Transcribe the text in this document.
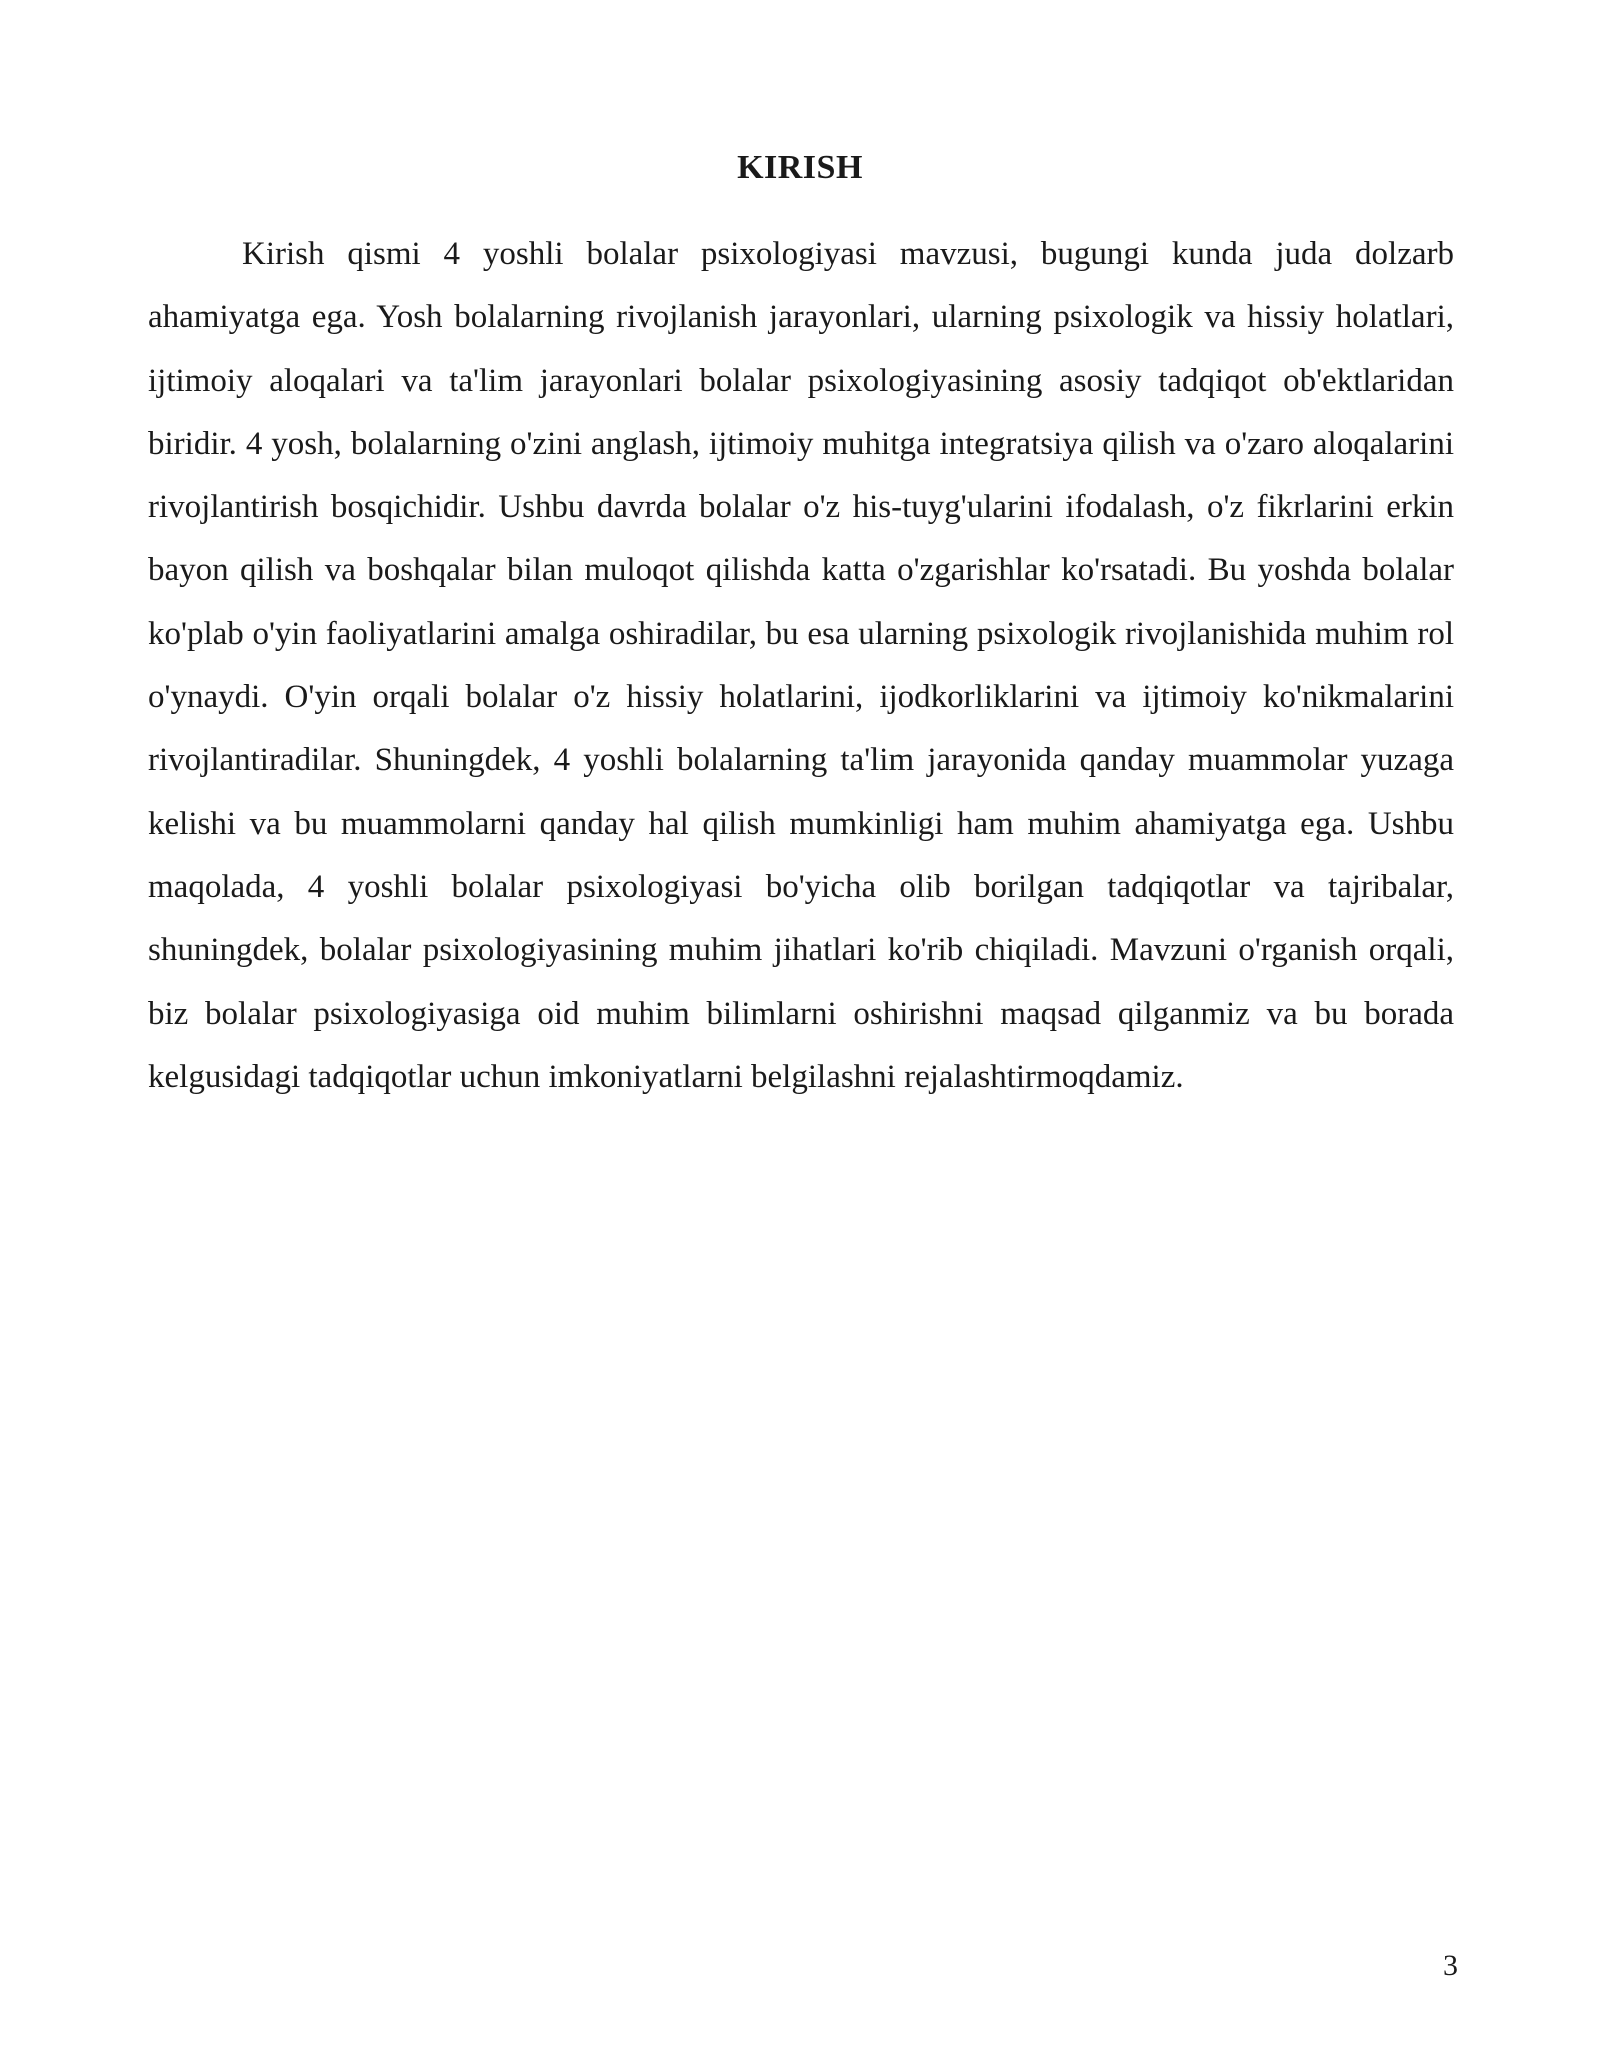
KIRISH

Kirish qismi 4 yoshli bolalar psixologiyasi mavzusi, bugungi kunda juda dolzarb ahamiyatga ega. Yosh bolalarning rivojlanish jarayonlari, ularning psixologik va hissiy holatlari, ijtimoiy aloqalari va ta'lim jarayonlari bolalar psixologiyasining asosiy tadqiqot ob'ektlaridan biridir. 4 yosh, bolalarning o'zini anglash, ijtimoiy muhitga integratsiya qilish va o'zaro aloqalarini rivojlantirish bosqichidir. Ushbu davrda bolalar o'z his-tuyg'ularini ifodalash, o'z fikrlarini erkin bayon qilish va boshqalar bilan muloqot qilishda katta o'zgarishlar ko'rsatadi. Bu yoshda bolalar ko'plab o'yin faoliyatlarini amalga oshiradilar, bu esa ularning psixologik rivojlanishida muhim rol o'ynaydi. O'yin orqali bolalar o'z hissiy holatlarini, ijodkorliklarini va ijtimoiy ko'nikmalarini rivojlantiradilar. Shuningdek, 4 yoshli bolalarning ta'lim jarayonida qanday muammolar yuzaga kelishi va bu muammolarni qanday hal qilish mumkinligi ham muhim ahamiyatga ega. Ushbu maqolada, 4 yoshli bolalar psixologiyasi bo'yicha olib borilgan tadqiqotlar va tajribalar, shuningdek, bolalar psixologiyasining muhim jihatlari ko'rib chiqiladi. Mavzuni o'rganish orqali, biz bolalar psixologiyasiga oid muhim bilimlarni oshirishni maqsad qilganmiz va bu borada kelgusidagi tadqiqotlar uchun imkoniyatlarni belgilashni rejalashtirmoqdamiz.

3
